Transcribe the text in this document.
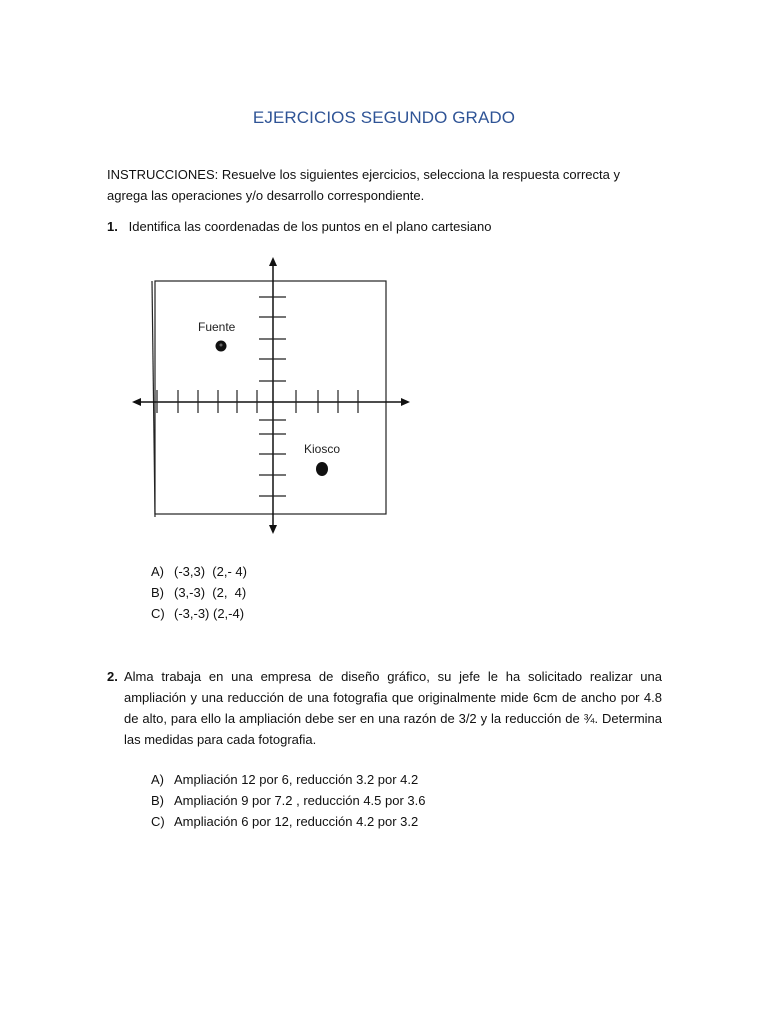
EJERCICIOS SEGUNDO GRADO
INSTRUCCIONES: Resuelve los siguientes ejercicios, selecciona la respuesta correcta y agrega las operaciones y/o desarrollo correspondiente.
1. Identifica las coordenadas de los puntos en el plano cartesiano
Fuente
Kiosco
A) (-3,3)  (2,- 4)
B) (3,-3)  (2,  4)
C) (-3,-3) (2,-4)
2. Alma trabaja en una empresa de diseño gráfico, su jefe le ha solicitado realizar una ampliación y una reducción de una fotografia que originalmente mide 6cm de ancho por 4.8 de alto, para ello la ampliación debe ser en una razón de 3/2 y la reducción de ¾. Determina las medidas para cada fotografia.
A) Ampliación 12 por 6, reducción 3.2 por 4.2
B) Ampliación 9 por 7.2 , reducción 4.5 por 3.6
C) Ampliación 6 por 12, reducción 4.2 por 3.2
